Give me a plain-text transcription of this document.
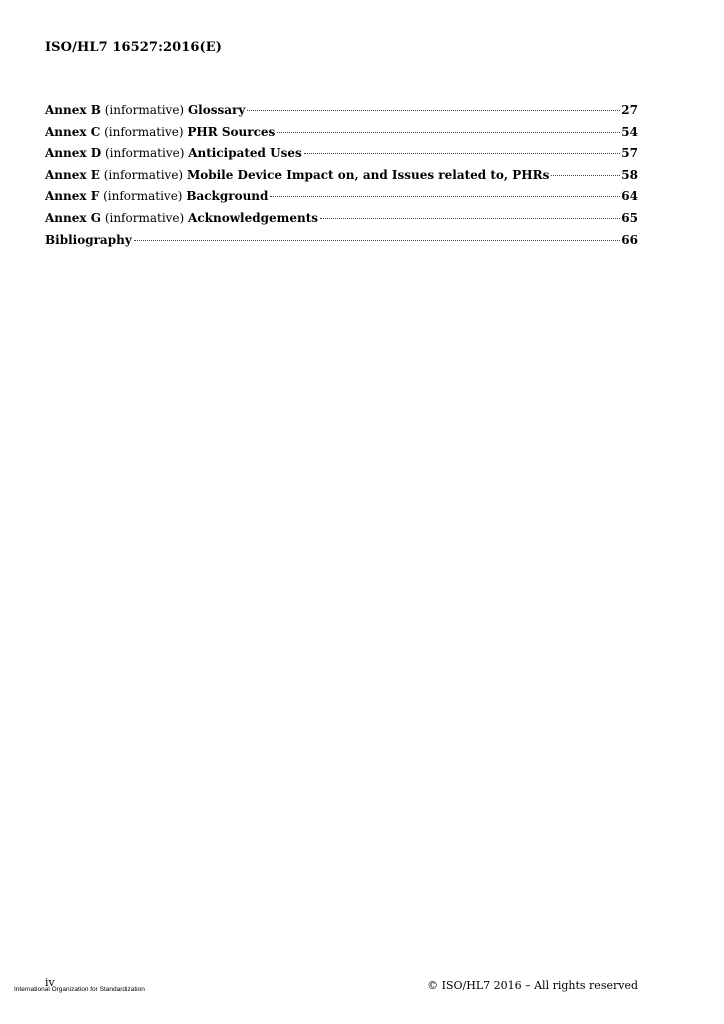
ISO/HL7 16527:2016(E)
Annex B (informative) Glossary	27
Annex C (informative) PHR Sources	54
Annex D (informative) Anticipated Uses	57
Annex E (informative) Mobile Device Impact on, and Issues related to, PHRs	58
Annex F (informative) Background	64
Annex G (informative) Acknowledgements	65
Bibliography	66
iv
International Organization for Standardization	© ISO/HL7 2016 – All rights reserved
